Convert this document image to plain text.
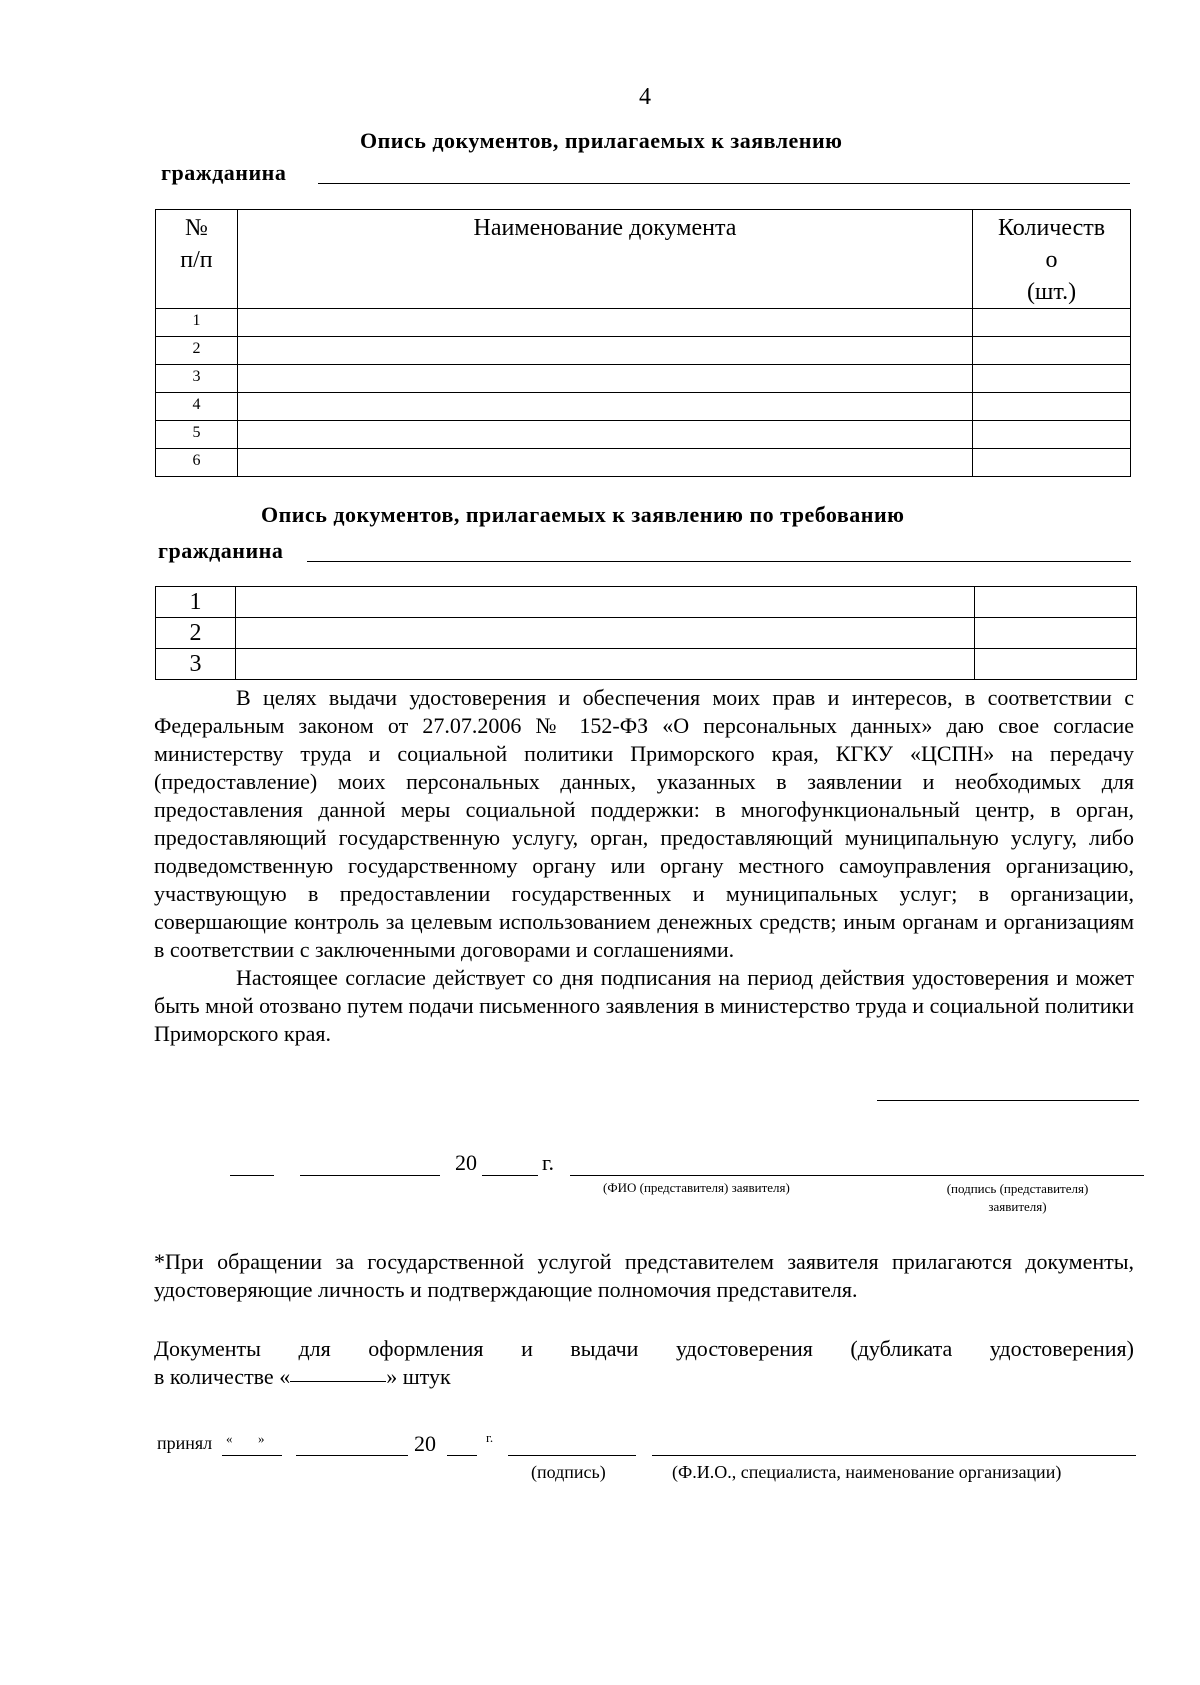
4
Опись документов, прилагаемых к заявлению
гражданина
№
п/п	Наименование документа	Количеств
о
(шт.)
1		
2		
3		
4		
5		
6		
Опись документов, прилагаемых к заявлению по требованию
гражданина
1		
2		
3		

В целях выдачи удостоверения и обеспечения моих прав и интересов, в соответствии с Федеральным законом от 27.07.2006 № 152-ФЗ «О персональных данных» даю свое согласие министерству труда и социальной политики Приморского края, КГКУ «ЦСПН» на передачу (предоставление) моих персональных данных, указанных в заявлении и необходимых для предоставления данной меры социальной поддержки: в многофункциональный центр, в орган, предоставляющий государственную услугу, орган, предоставляющий муниципальную услугу, либо подведомственную государственному органу или органу местного самоуправления организацию, участвующую в предоставлении государственных и муниципальных услуг; в организации, совершающие контроль за целевым использованием денежных средств; иным органам и организациям в соответствии с заключенными договорами и соглашениями.

Настоящее согласие действует со дня подписания на период действия удостоверения и может быть мной отозвано путем подачи письменного заявления в министерство труда и социальной политики Приморского края.

20	г.
(ФИО (представителя) заявителя)	(подпись (представителя)
заявителя)
*При обращении за государственной услугой представителем заявителя прилагаются документы, удостоверяющие личность и подтверждающие полномочия представителя.
Документы для оформления и выдачи удостоверения (дубликата удостоверения)
в количестве «	» штук
принял « »	20	г.
(подпись)	(Ф.И.О., специалиста, наименование организации)
